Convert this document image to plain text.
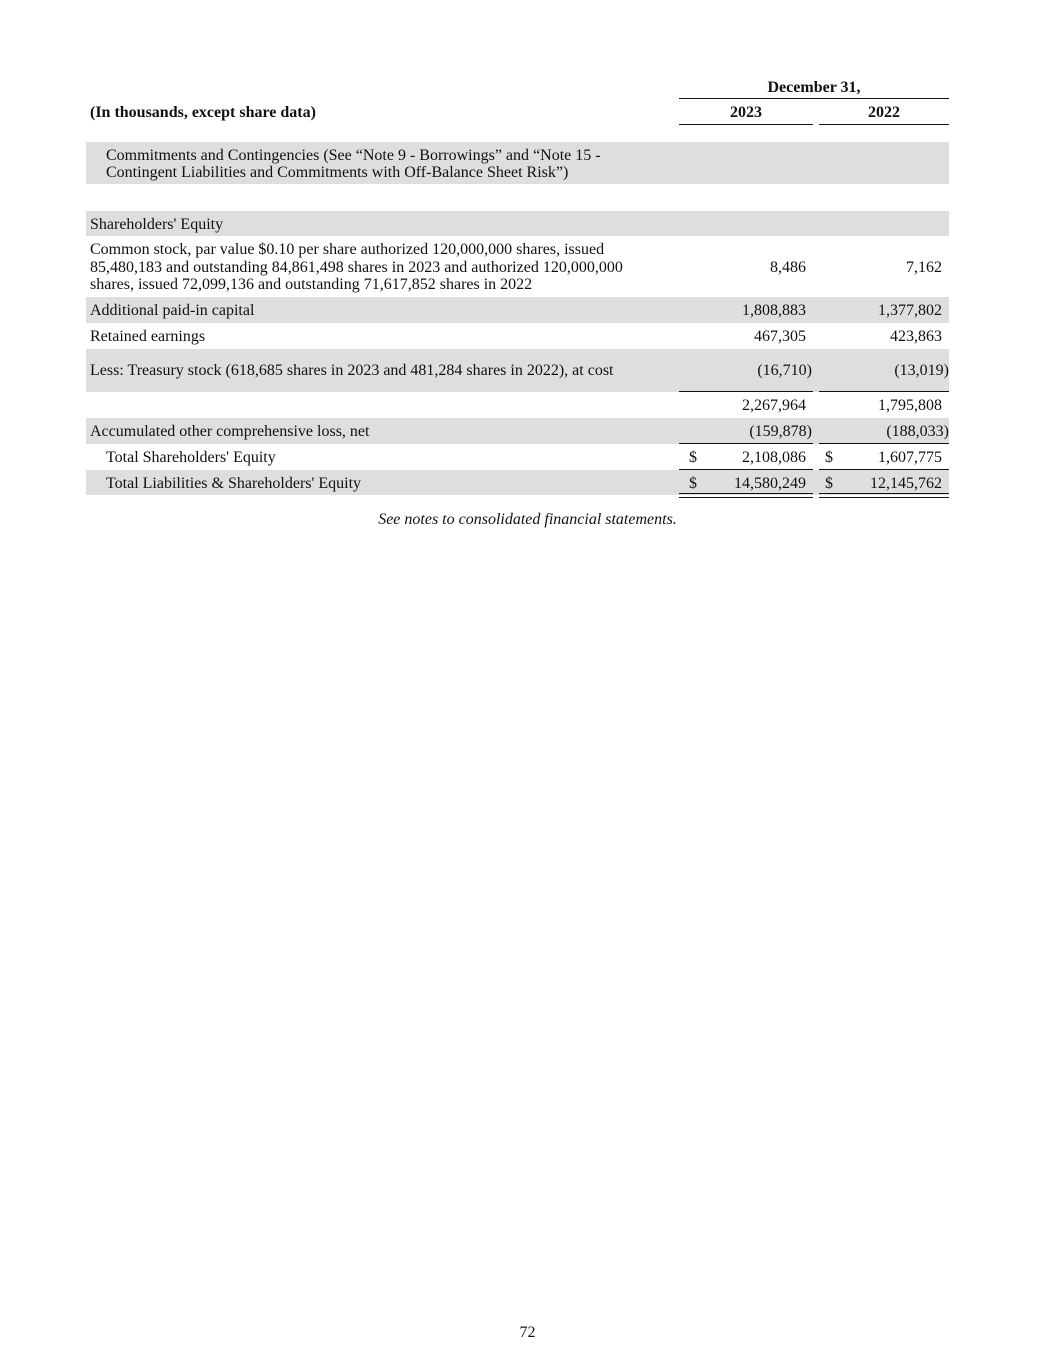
December 31,
(In thousands, except share data)	2023	2022
Commitments and Contingencies (See “Note 9 - Borrowings” and “Note 15 -
Contingent Liabilities and Commitments with Off-Balance Sheet Risk”)
Shareholders' Equity
Common stock, par value $0.10 per share authorized 120,000,000 shares, issued
85,480,183 and outstanding 84,861,498 shares in 2023 and authorized 120,000,000
shares, issued 72,099,136 and outstanding 71,617,852 shares in 2022
8,486	7,162
Additional paid-in capital	1,808,883	1,377,802
Retained earnings	467,305	423,863
Less: Treasury stock (618,685 shares in 2023 and 481,284 shares in 2022), at cost	(16,710)	(13,019)
2,267,964	1,795,808
Accumulated other comprehensive loss, net	(159,878)	(188,033)
Total Shareholders' Equity	$	2,108,086 $	1,607,775
Total Liabilities & Shareholders' Equity	$ 14,580,249 $ 12,145,762
See notes to consolidated financial statements.
72
